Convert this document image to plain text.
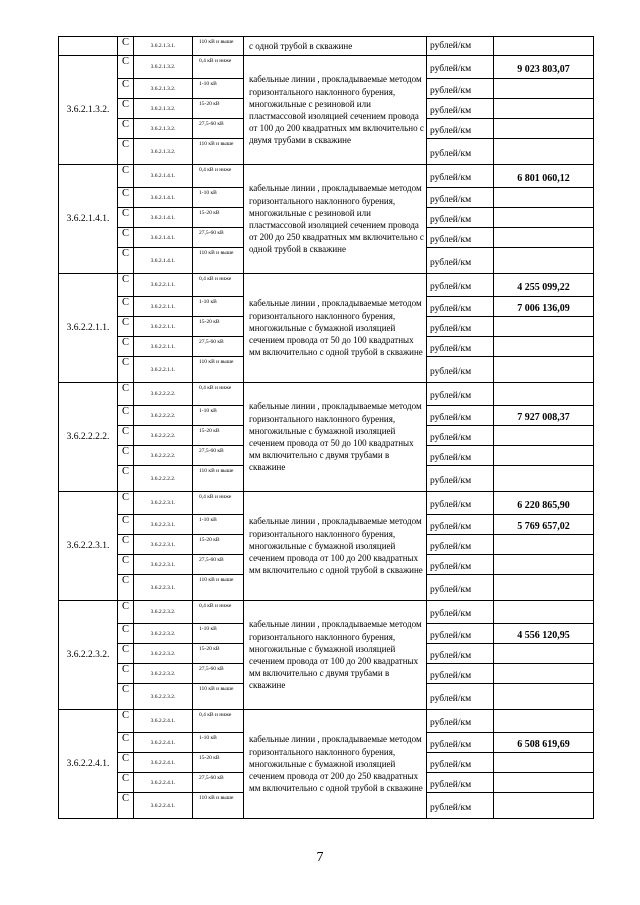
	С	3.6.2.1.3.1.	110 кВ и выше	с одной трубой в скважине	рублей/км	
3.6.2.1.3.2.	С	3.6.2.1.3.2.	0,4 кВ и ниже	кабельные линии , прокладываемые методом горизонтального наклонного бурения, многожильные с резиновой или пластмассовой изоляцией сечением провода от 100 до 200 квадратных мм включительно с двумя трубами в скважине	рублей/км	9 023 803,07
	С	3.6.2.1.3.2.	1-10 кВ		рублей/км	
	С	3.6.2.1.3.2.	15-20 кВ		рублей/км	
	С	3.6.2.1.3.2.	27,5-60 кВ		рублей/км	
	С	3.6.2.1.3.2.	110 кВ и выше		рублей/км	
3.6.2.1.4.1.	С	3.6.2.1.4.1.	0,4 кВ и ниже	кабельные линии , прокладываемые методом горизонтального наклонного бурения, многожильные с резиновой или пластмассовой изоляцией сечением провода от 200 до 250 квадратных мм включительно с одной трубой в скважине	рублей/км	6 801 060,12
	С	3.6.2.1.4.1.	1-10 кВ		рублей/км	
	С	3.6.2.1.4.1.	15-20 кВ		рублей/км	
	С	3.6.2.1.4.1.	27,5-60 кВ		рублей/км	
	С	3.6.2.1.4.1.	110 кВ и выше		рублей/км	
3.6.2.2.1.1.	С	3.6.2.2.1.1.	0,4 кВ и ниже	кабельные линии , прокладываемые методом горизонтального наклонного бурения, многожильные с бумажной изоляцией сечением провода от 50 до 100 квадратных мм включительно с одной трубой в скважине	рублей/км	4 255 099,22
	С	3.6.2.2.1.1.	1-10 кВ		рублей/км	7 006 136,09
	С	3.6.2.2.1.1.	15-20 кВ		рублей/км	
	С	3.6.2.2.1.1.	27,5-60 кВ		рублей/км	
	С	3.6.2.2.1.1.	110 кВ и выше		рублей/км	
3.6.2.2.2.2.	С	3.6.2.2.2.2.	0,4 кВ и ниже	кабельные линии , прокладываемые методом горизонтального наклонного бурения, многожильные с бумажной изоляцией сечением провода от 50 до 100 квадратных мм включительно с двумя трубами в скважине	рублей/км	
	С	3.6.2.2.2.2.	1-10 кВ		рублей/км	7 927 008,37
	С	3.6.2.2.2.2.	15-20 кВ		рублей/км	
	С	3.6.2.2.2.2.	27,5-60 кВ		рублей/км	
	С	3.6.2.2.2.2.	110 кВ и выше		рублей/км	
3.6.2.2.3.1.	С	3.6.2.2.3.1.	0,4 кВ и ниже	кабельные линии , прокладываемые методом горизонтального наклонного бурения, многожильные с бумажной изоляцией сечением провода от 100 до 200 квадратных мм включительно с одной трубой в скважине	рублей/км	6 220 865,90
	С	3.6.2.2.3.1.	1-10 кВ		рублей/км	5 769 657,02
	С	3.6.2.2.3.1.	15-20 кВ		рублей/км	
	С	3.6.2.2.3.1.	27,5-60 кВ		рублей/км	
	С	3.6.2.2.3.1.	110 кВ и выше		рублей/км	
3.6.2.2.3.2.	С	3.6.2.2.3.2.	0,4 кВ и ниже	кабельные линии , прокладываемые методом горизонтального наклонного бурения, многожильные с бумажной изоляцией сечением провода от 100 до 200 квадратных мм включительно с двумя трубами в скважине	рублей/км	
	С	3.6.2.2.3.2.	1-10 кВ		рублей/км	4 556 120,95
	С	3.6.2.2.3.2.	15-20 кВ		рублей/км	
	С	3.6.2.2.3.2.	27,5-60 кВ		рублей/км	
	С	3.6.2.2.3.2.	110 кВ и выше		рублей/км	
3.6.2.2.4.1.	С	3.6.2.2.4.1.	0,4 кВ и ниже	кабельные линии , прокладываемые методом горизонтального наклонного бурения, многожильные с бумажной изоляцией сечением провода от 200 до 250 квадратных мм включительно с одной трубой в скважине	рублей/км	
	С	3.6.2.2.4.1.	1-10 кВ		рублей/км	6 508 619,69
	С	3.6.2.2.4.1.	15-20 кВ		рублей/км	
	С	3.6.2.2.4.1.	27,5-60 кВ		рублей/км	
	С	3.6.2.2.4.1.	110 кВ и выше		рублей/км	
7
